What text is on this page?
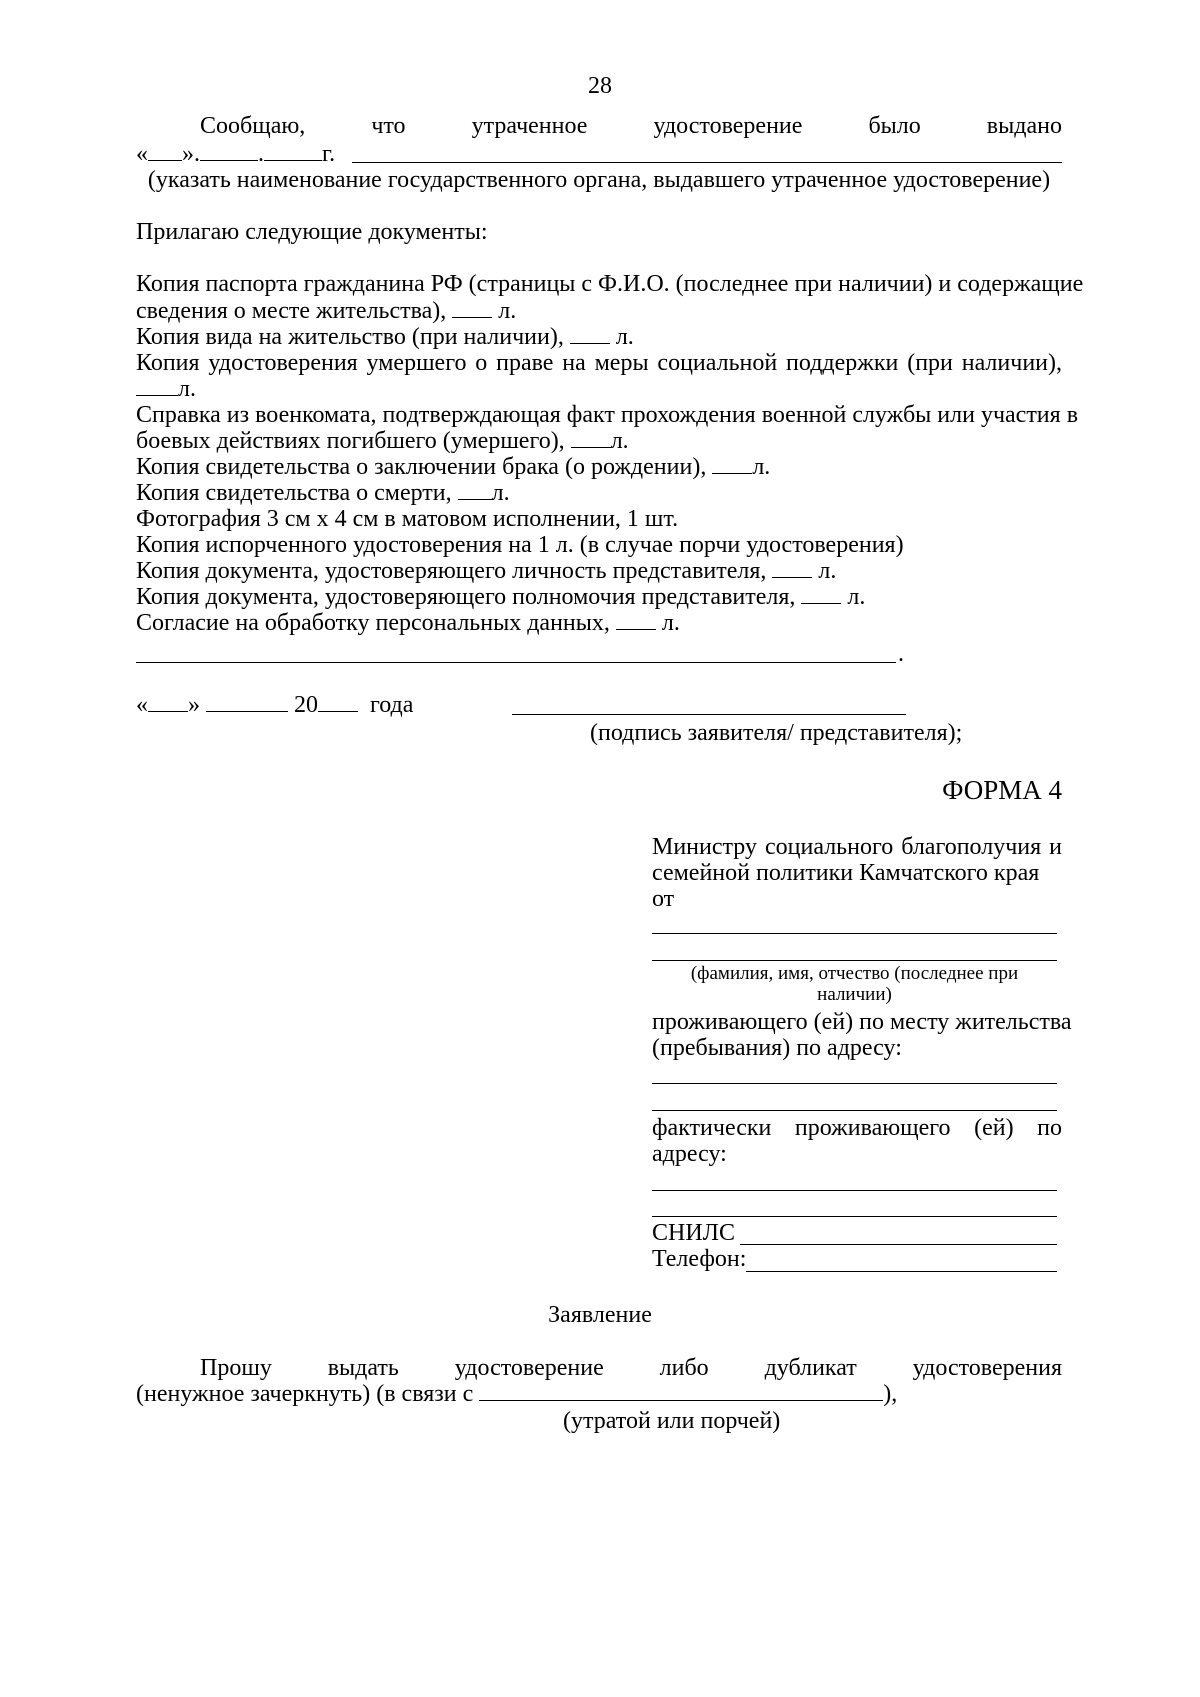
28
Сообщаю,	что	утраченное	удостоверение	было	выдано
« ». . г.
(указать наименование государственного органа, выдавшего утраченное удостоверение)
Прилагаю следующие документы:
Копия паспорта гражданина РФ (страницы с Ф.И.О. (последнее при наличии) и содержащие
сведения о месте жительства), л.
Копия вида на жительство (при наличии), л.
Копия удостоверения умершего о праве на меры социальной поддержки (при наличии),
л.
Справка из военкомата, подтверждающая факт прохождения военной службы или участия в
боевых действиях погибшего (умершего), л.
Копия свидетельства о заключении брака (о рождении), л.
Копия свидетельства о смерти, л.
Фотография 3 см x 4 см в матовом исполнении, 1 шт.
Копия испорченного удостоверения на 1 л. (в случае порчи удостоверения)
Копия документа, удостоверяющего личность представителя, л.
Копия документа, удостоверяющего полномочия представителя, л.
Согласие на обработку персональных данных, л.
.
« »	20 года
(подпись заявителя/ представителя);
ФОРМА 4
Министру социального благополучия и
семейной политики Камчатского края
от
(фамилия, имя, отчество (последнее при
наличии)
проживающего (ей) по месту жительства
(пребывания) по адресу:
фактически проживающего (ей) по
адресу:
СНИЛС
Телефон:
Заявление
Прошу выдать удостоверение либо дубликат удостоверения
(ненужное зачеркнуть) (в связи с	),
(утратой или порчей)
